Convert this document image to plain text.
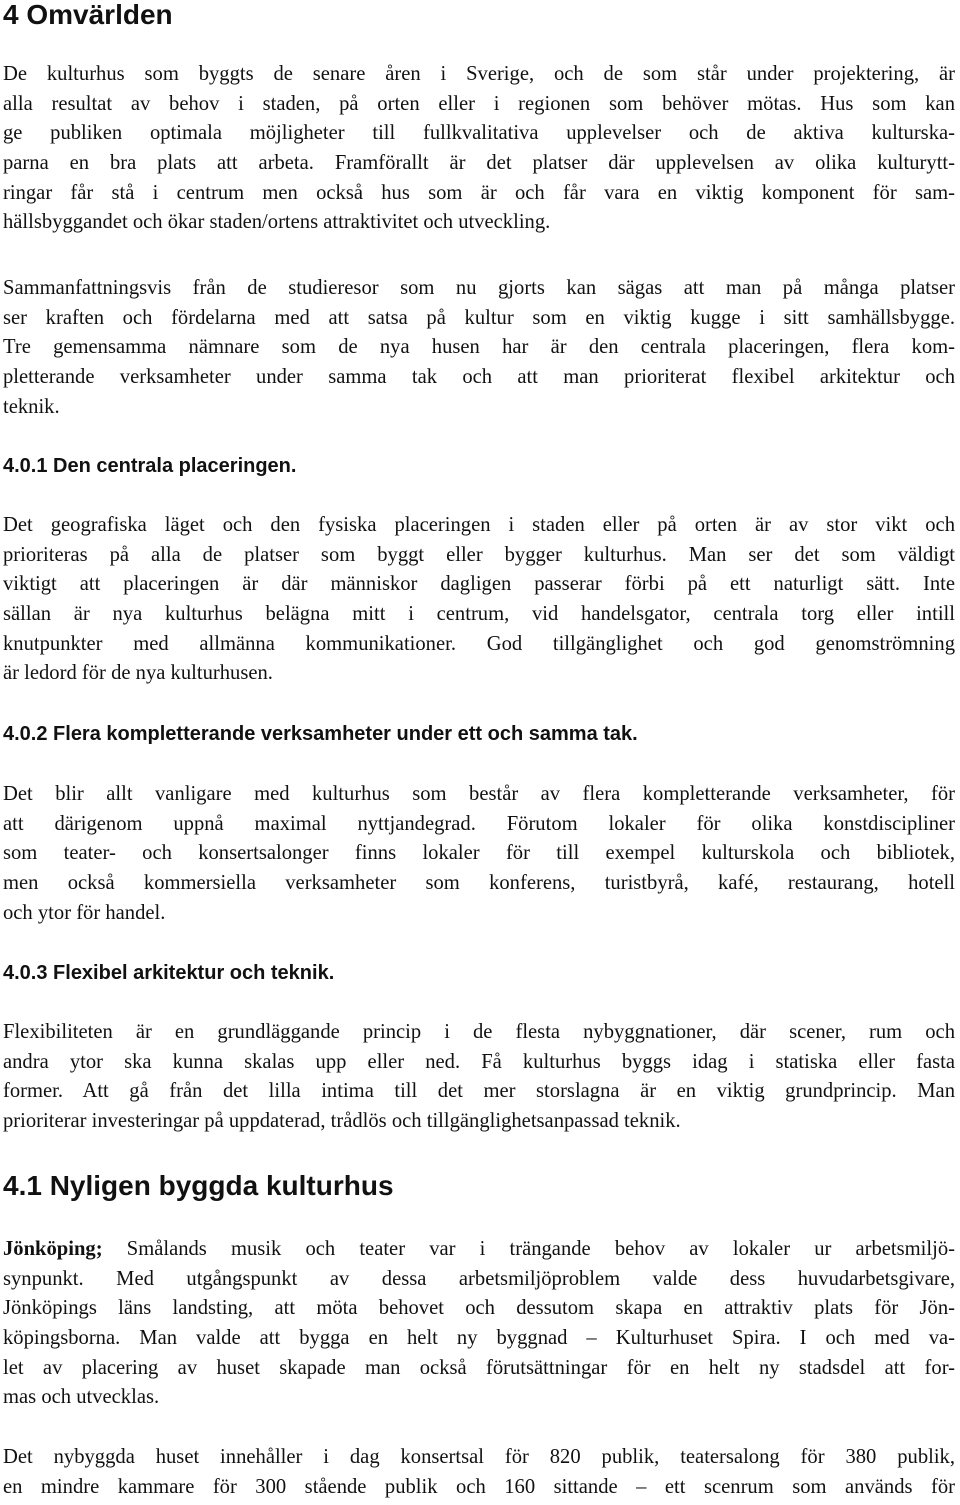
4 Omvärlden
De kulturhus som byggts de senare åren i Sverige, och de som står under projektering, är
alla resultat av behov i staden, på orten eller i regionen som behöver mötas. Hus som kan
ge publiken optimala möjligheter till fullkvalitativa upplevelser och de aktiva kulturska-
parna en bra plats att arbeta. Framförallt är det platser där upplevelsen av olika kulturytt-
ringar får stå i centrum men också hus som är och får vara en viktig komponent för sam-
hällsbyggandet och ökar staden/ortens attraktivitet och utveckling.
Sammanfattningsvis från de studieresor som nu gjorts kan sägas att man på många platser
ser kraften och fördelarna med att satsa på kultur som en viktig kugge i sitt samhällsbygge.
Tre gemensamma nämnare som de nya husen har är den centrala placeringen, flera kom-
pletterande verksamheter under samma tak och att man prioriterat flexibel arkitektur och
teknik.
4.0.1 Den centrala placeringen.
Det geografiska läget och den fysiska placeringen i staden eller på orten är av stor vikt och
prioriteras på alla de platser som byggt eller bygger kulturhus. Man ser det som väldigt
viktigt att placeringen är där människor dagligen passerar förbi på ett naturligt sätt. Inte
sällan är nya kulturhus belägna mitt i centrum, vid handelsgator, centrala torg eller intill
knutpunkter med allmänna kommunikationer. God tillgänglighet och god genomströmning
är ledord för de nya kulturhusen.
4.0.2 Flera kompletterande verksamheter under ett och samma tak.
Det blir allt vanligare med kulturhus som består av flera kompletterande verksamheter, för
att därigenom uppnå maximal nyttjandegrad. Förutom lokaler för olika konstdiscipliner
som teater- och konsertsalonger finns lokaler för till exempel kulturskola och bibliotek,
men också kommersiella verksamheter som konferens, turistbyrå, kafé, restaurang, hotell
och ytor för handel.
4.0.3 Flexibel arkitektur och teknik.
Flexibiliteten är en grundläggande princip i de flesta nybyggnationer, där scener, rum och
andra ytor ska kunna skalas upp eller ned. Få kulturhus byggs idag i statiska eller fasta
former. Att gå från det lilla intima till det mer storslagna är en viktig grundprincip. Man
prioriterar investeringar på uppdaterad, trådlös och tillgänglighetsanpassad teknik.
4.1 Nyligen byggda kulturhus
Jönköping; Smålands musik och teater var i trängande behov av lokaler ur arbetsmiljö-
synpunkt. Med utgångspunkt av dessa arbetsmiljöproblem valde dess huvudarbetsgivare,
Jönköpings läns landsting, att möta behovet och dessutom skapa en attraktiv plats för Jön-
köpingsborna. Man valde att bygga en helt ny byggnad – Kulturhuset Spira. I och med va-
let av placering av huset skapade man också förutsättningar för en helt ny stadsdel att for-
mas och utvecklas.
Det nybyggda huset innehåller i dag konsertsal för 820 publik, teatersalong för 380 publik,
en mindre kammare för 300 stående publik och 160 sittande – ett scenrum som används för
